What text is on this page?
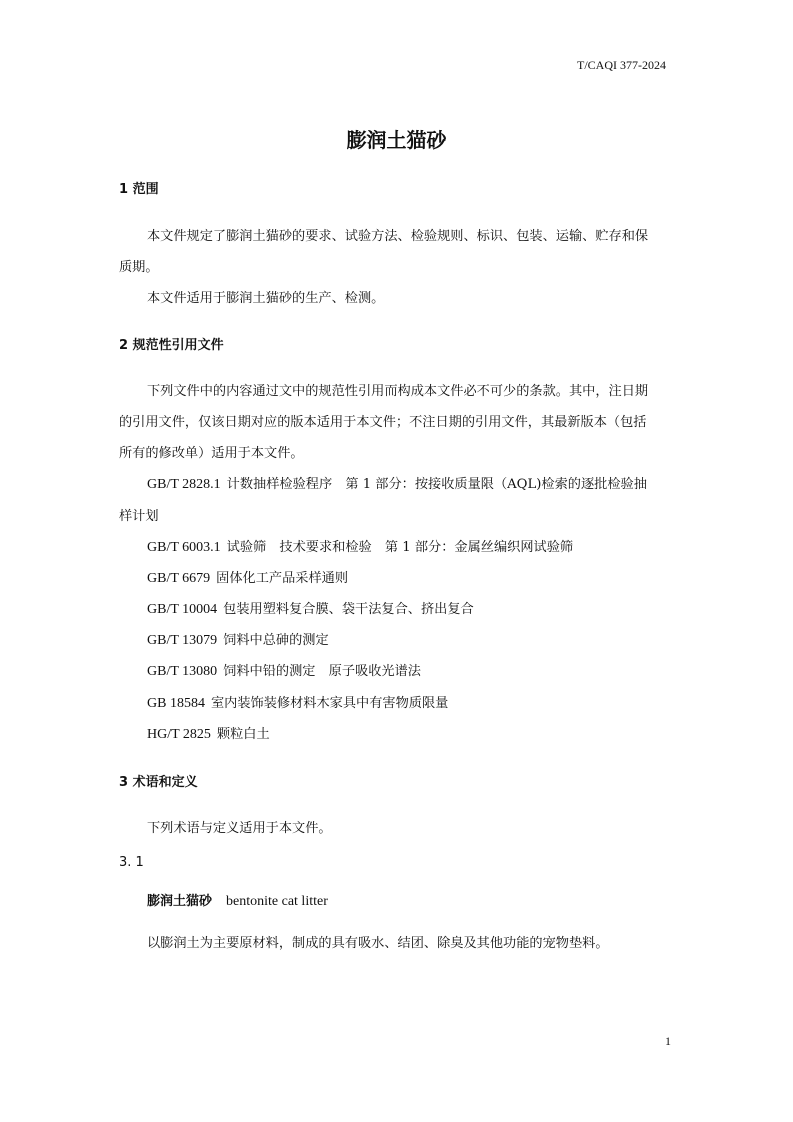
T/CAQI 377-2024
膨润土猫砂
1 范围
本文件规定了膨润土猫砂的要求、试验方法、检验规则、标识、包装、运输、贮存和保
质期。
本文件适用于膨润土猫砂的生产、检测。
2 规范性引用文件
下列文件中的内容通过文中的规范性引用而构成本文件必不可少的条款。其中，注日期
的引用文件，仅该日期对应的版本适用于本文件；不注日期的引用文件，其最新版本（包括
所有的修改单）适用于本文件。
GB/T 2828.1 计数抽样检验程序　第 1 部分：按接收质量限（AQL)检索的逐批检验抽
样计划
GB/T 6003.1 试验筛　技术要求和检验　第 1 部分：金属丝编织网试验筛
GB/T 6679 固体化工产品采样通则
GB/T 10004 包装用塑料复合膜、袋干法复合、挤出复合
GB/T 13079 饲料中总砷的测定
GB/T 13080 饲料中铅的测定　原子吸收光谱法
GB 18584 室内装饰装修材料木家具中有害物质限量
HG/T 2825 颗粒白土
3 术语和定义
下列术语与定义适用于本文件。
3. 1
膨润土猫砂 bentonite cat litter
以膨润土为主要原材料，制成的具有吸水、结团、除臭及其他功能的宠物垫料。
1
